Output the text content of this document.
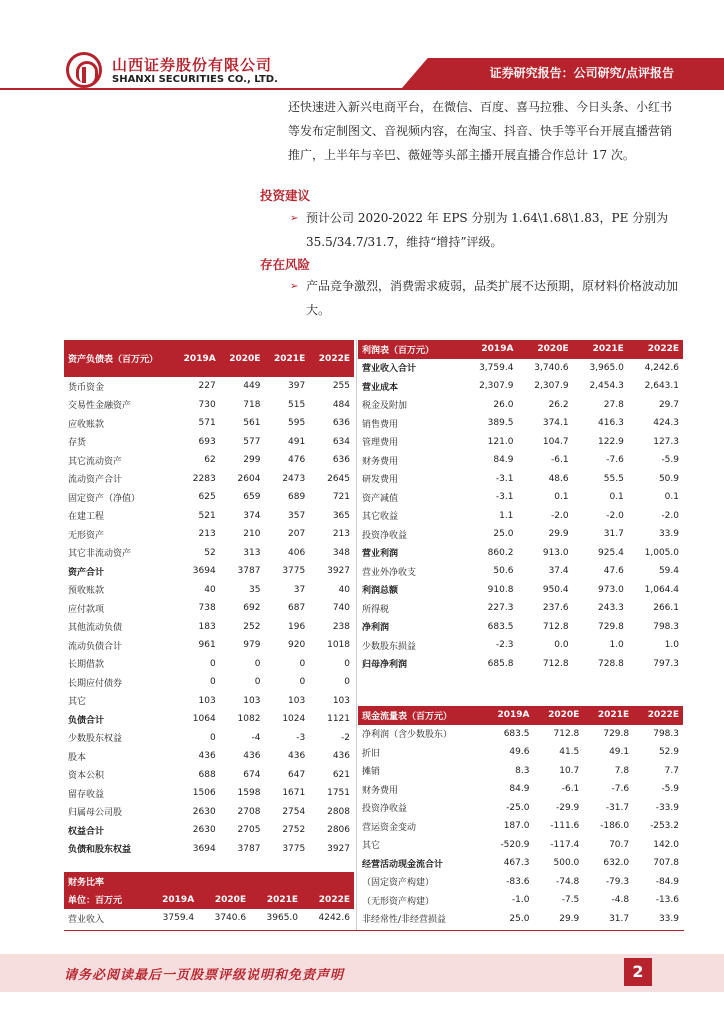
山西证券股份有限公司
SHANXI SECURITIES CO., LTD.	证券研究报告：公司研究/点评报告
还快速进入新兴电商平台，在微信、百度、喜马拉雅、今日头条、小红书等发布定制图文、音视频内容，在淘宝、抖音、快手等平台开展直播营销推广，上半年与辛巴、薇娅等头部主播开展直播合作总计 17 次。
投资建议
➢ 预计公司 2020-2022 年 EPS 分别为 1.64\1.68\1.83，PE 分别为 35.5/34.7/31.7，维持“增持”评级。
存在风险
➢ 产品竞争激烈，消费需求疲弱，品类扩展不达预期，原材料价格波动加大。
资产负债表（百万元）	2019A	2020E	2021E	2022E
货币资金	227	449	397	255
交易性金融资产	730	718	515	484
应收账款	571	561	595	636
存货	693	577	491	634
其它流动资产	62	299	476	636
流动资产合计	2283	2604	2473	2645
固定资产（净值）	625	659	689	721
在建工程	521	374	357	365
无形资产	213	210	207	213
其它非流动资产	52	313	406	348
资产合计	3694	3787	3775	3927
预收账款	40	35	37	40
应付款项	738	692	687	740
其他流动负债	183	252	196	238
流动负债合计	961	979	920	1018
长期借款	0	0	0	0
长期应付债券	0	0	0	0
其它	103	103	103	103
负债合计	1064	1082	1024	1121
少数股东权益	0	-4	-3	-2
股本	436	436	436	436
资本公积	688	674	647	621
留存收益	1506	1598	1671	1751
归属母公司股	2630	2708	2754	2808
权益合计	2630	2705	2752	2806
负债和股东权益	3694	3787	3775	3927
利润表（百万元）	2019A	2020E	2021E	2022E
营业收入合计	3,759.4	3,740.6	3,965.0	4,242.6
营业成本	2,307.9	2,307.9	2,454.3	2,643.1
税金及附加	26.0	26.2	27.8	29.7
销售费用	389.5	374.1	416.3	424.3
管理费用	121.0	104.7	122.9	127.3
财务费用	84.9	-6.1	-7.6	-5.9
研发费用	-3.1	48.6	55.5	50.9
资产减值	-3.1	0.1	0.1	0.1
其它收益	1.1	-2.0	-2.0	-2.0
投资净收益	25.0	29.9	31.7	33.9
营业利润	860.2	913.0	925.4	1,005.0
营业外净收支	50.6	37.4	47.6	59.4
利润总额	910.8	950.4	973.0	1,064.4
所得税	227.3	237.6	243.3	266.1
净利润	683.5	712.8	729.8	798.3
少数股东损益	-2.3	0.0	1.0	1.0
归母净利润	685.8	712.8	728.8	797.3
现金流量表（百万元）	2019A	2020E	2021E	2022E
净利润（含少数股东）	683.5	712.8	729.8	798.3
折旧	49.6	41.5	49.1	52.9
摊销	8.3	10.7	7.8	7.7
财务费用	84.9	-6.1	-7.6	-5.9
投资净收益	-25.0	-29.9	-31.7	-33.9
营运资金变动	187.0	-111.6	-186.0	-253.2
其它	-520.9	-117.4	70.7	142.0
经营活动现金流合计	467.3	500.0	632.0	707.8
（固定资产构建）	-83.6	-74.8	-79.3	-84.9
（无形资产构建）	-1.0	-7.5	-4.8	-13.6
非经常性/非经营损益	25.0	29.9	31.7	33.9
财务比率				
单位：百万元	2019A	2020E	2021E	2022E
营业收入	3759.4	3740.6	3965.0	4242.6
请务必阅读最后一页股票评级说明和免责声明	2
